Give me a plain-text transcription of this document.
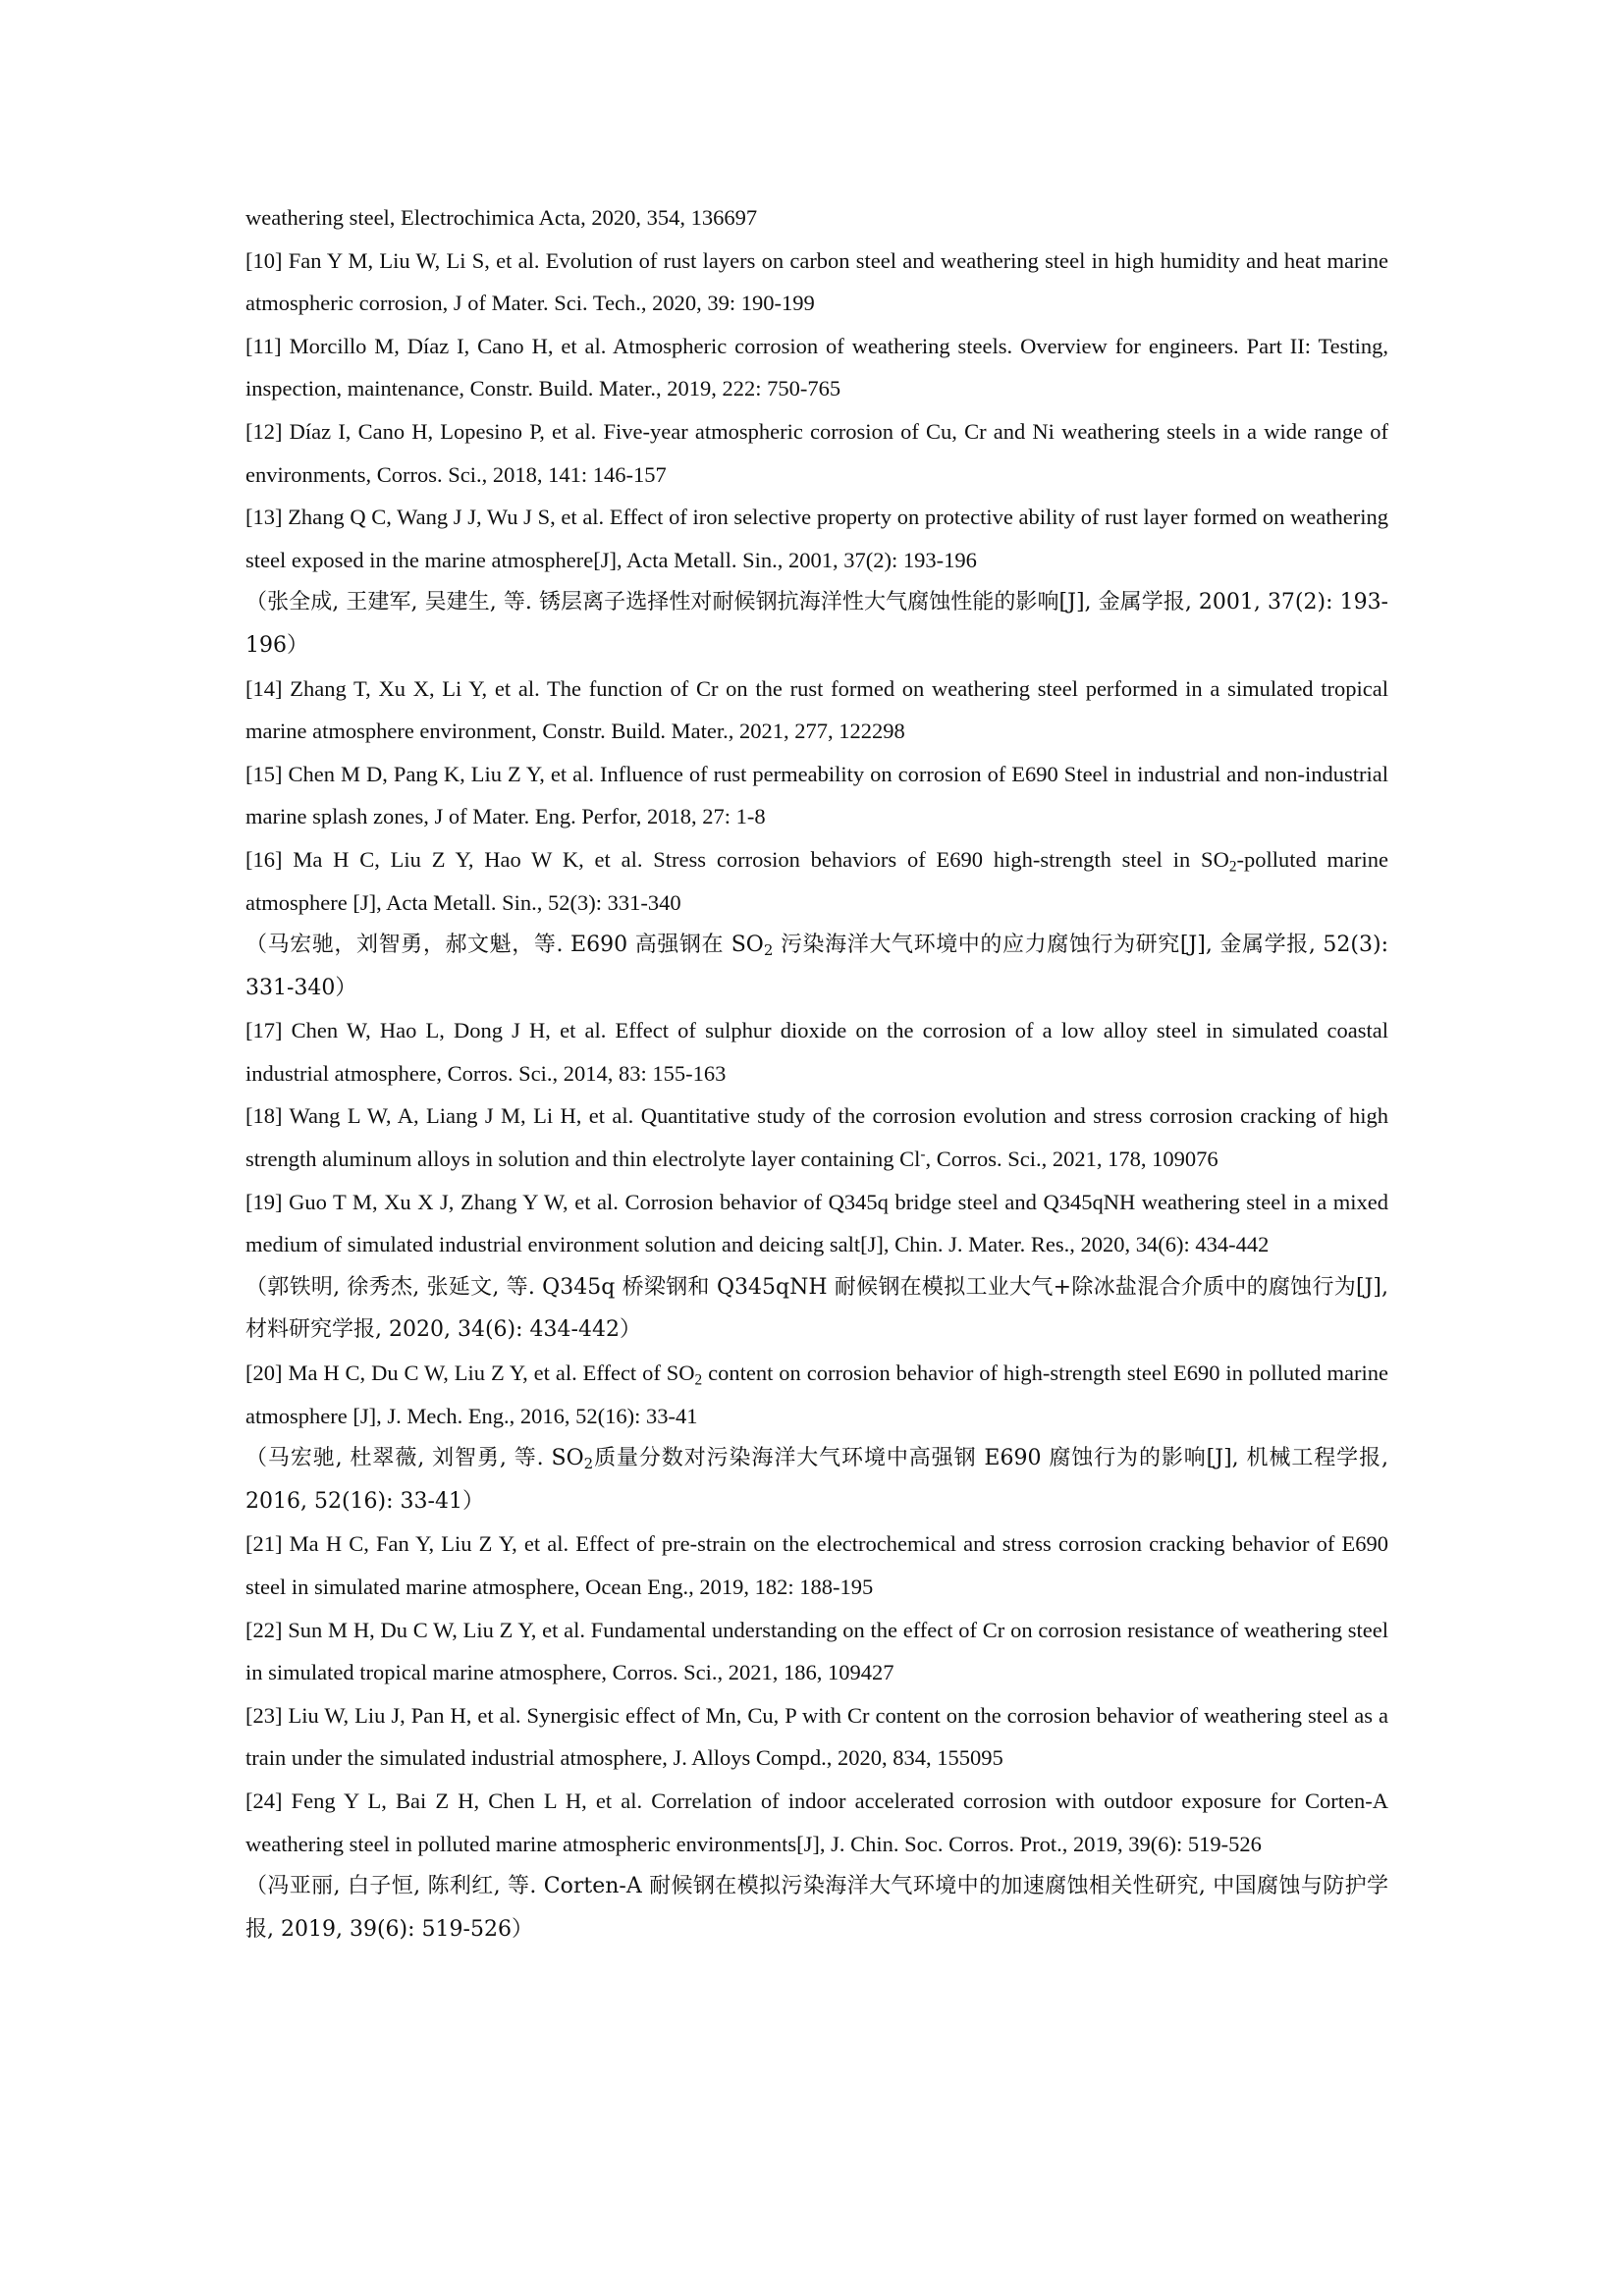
weathering steel, Electrochimica Acta, 2020, 354, 136697

[10] Fan Y M, Liu W, Li S, et al. Evolution of rust layers on carbon steel and weathering steel in high humidity and heat marine atmospheric corrosion, J of Mater. Sci. Tech., 2020, 39: 190-199

[11] Morcillo M, Díaz I, Cano H, et al. Atmospheric corrosion of weathering steels. Overview for engineers. Part II: Testing, inspection, maintenance, Constr. Build. Mater., 2019, 222: 750-765

[12] Díaz I, Cano H, Lopesino P, et al. Five-year atmospheric corrosion of Cu, Cr and Ni weathering steels in a wide range of environments, Corros. Sci., 2018, 141: 146-157

[13] Zhang Q C, Wang J J, Wu J S, et al. Effect of iron selective property on protective ability of rust layer formed on weathering steel exposed in the marine atmosphere[J], Acta Metall. Sin., 2001, 37(2): 193-196

（张全成, 王建军, 吴建生, 等. 锈层离子选择性对耐候钢抗海洋性大气腐蚀性能的影响[J], 金属学报, 2001, 37(2): 193-196）

[14] Zhang T, Xu X, Li Y, et al. The function of Cr on the rust formed on weathering steel performed in a simulated tropical marine atmosphere environment, Constr. Build. Mater., 2021, 277, 122298

[15] Chen M D, Pang K, Liu Z Y, et al. Influence of rust permeability on corrosion of E690 Steel in industrial and non-industrial marine splash zones, J of Mater. Eng. Perfor, 2018, 27: 1-8

[16] Ma H C, Liu Z Y, Hao W K, et al. Stress corrosion behaviors of E690 high-strength steel in $SO_2$-polluted marine atmosphere [J], Acta Metall. Sin., 52(3): 331-340

（马宏驰，刘智勇，郝文魁，等. E690 高强钢在 $SO_2$ 污染海洋大气环境中的应力腐蚀行为研究[J], 金属学报, 52(3): 331-340）

[17] Chen W, Hao L, Dong J H, et al. Effect of sulphur dioxide on the corrosion of a low alloy steel in simulated coastal industrial atmosphere, Corros. Sci., 2014, 83: 155-163

[18] Wang L W, A, Liang J M, Li H, et al. Quantitative study of the corrosion evolution and stress corrosion cracking of high strength aluminum alloys in solution and thin electrolyte layer containing Cl-, Corros. Sci., 2021, 178, 109076

[19] Guo T M, Xu X J, Zhang Y W, et al. Corrosion behavior of Q345q bridge steel and Q345qNH weathering steel in a mixed medium of simulated industrial environment solution and deicing salt[J], Chin. J. Mater. Res., 2020, 34(6): 434-442

（郭铁明, 徐秀杰, 张延文, 等. Q345q 桥梁钢和 Q345qNH 耐候钢在模拟工业大气+除冰盐混合介质中的腐蚀行为[J], 材料研究学报, 2020, 34(6): 434-442）

[20] Ma H C, Du C W, Liu Z Y, et al. Effect of $SO_2$ content on corrosion behavior of high-strength steel E690 in polluted marine atmosphere [J], J. Mech. Eng., 2016, 52(16): 33-41

（马宏驰, 杜翠薇, 刘智勇, 等. $SO_2$质量分数对污染海洋大气环境中高强钢 E690 腐蚀行为的影响[J], 机械工程学报, 2016, 52(16): 33-41）

[21] Ma H C, Fan Y, Liu Z Y, et al. Effect of pre-strain on the electrochemical and stress corrosion cracking behavior of E690 steel in simulated marine atmosphere, Ocean Eng., 2019, 182: 188-195

[22] Sun M H, Du C W, Liu Z Y, et al. Fundamental understanding on the effect of Cr on corrosion resistance of weathering steel in simulated tropical marine atmosphere, Corros. Sci., 2021, 186, 109427

[23] Liu W, Liu J, Pan H, et al. Synergisic effect of Mn, Cu, P with Cr content on the corrosion behavior of weathering steel as a train under the simulated industrial atmosphere, J. Alloys Compd., 2020, 834, 155095

[24] Feng Y L, Bai Z H, Chen L H, et al. Correlation of indoor accelerated corrosion with outdoor exposure for Corten-A weathering steel in polluted marine atmospheric environments[J], J. Chin. Soc. Corros. Prot., 2019, 39(6): 519-526

（冯亚丽, 白子恒, 陈利红, 等. Corten-A 耐候钢在模拟污染海洋大气环境中的加速腐蚀相关性研究, 中国腐蚀与防护学报, 2019, 39(6): 519-526）
